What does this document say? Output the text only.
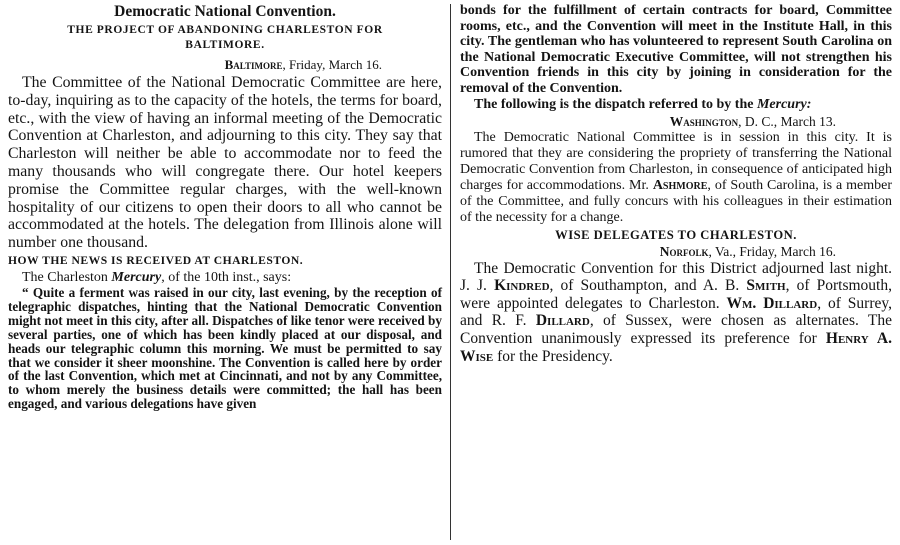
Democratic National Convention.
THE PROJECT OF ABANDONING CHARLESTON FOR
BALTIMORE.
Baltimore, Friday, March 16.

The Committee of the National Democratic Committee are here, to-day, inquiring as to the capacity of the hotels, the terms for board, etc., with the view of having an informal meeting of the Democratic Convention at Charleston, and adjourning to this city. They say that Charleston will neither be able to accommodate nor to feed the many thousands who will congregate there. Our hotel keepers promise the Committee regular charges, with the well-known hospitality of our citizens to open their doors to all who cannot be accommodated at the hotels. The delegation from Illinois alone will number one thousand.

HOW THE NEWS IS RECEIVED AT CHARLESTON.

The Charleston Mercury, of the 10th inst., says:

“ Quite a ferment was raised in our city, last evening, by the reception of telegraphic dispatches, hinting that the National Democratic Convention might not meet in this city, after all. Dispatches of like tenor were received by several parties, one of which has been kindly placed at our disposal, and heads our telegraphic column this morning. We must be permitted to say that we consider it sheer moonshine. The Convention is called here by order of the last Convention, which met at Cincinnati, and not by any Committee, to whom merely the business details were committed; the hall has been engaged, and various delegations have given

bonds for the fulfillment of certain contracts for board, Committee rooms, etc., and the Convention will meet in the Institute Hall, in this city. The gentleman who has volunteered to represent South Carolina on the National Democratic Executive Committee, will not strengthen his Convention friends in this city by joining in consideration for the removal of the Convention.

The following is the dispatch referred to by the Mercury:

Washington, D. C., March 13.

The Democratic National Committee is in session in this city. It is rumored that they are considering the propriety of transferring the National Democratic Convention from Charleston, in consequence of anticipated high charges for accommodations. Mr. Ashmore, of South Carolina, is a member of the Committee, and fully concurs with his colleagues in their estimation of the necessity for a change.

WISE DELEGATES TO CHARLESTON.
Norfolk, Va., Friday, March 16.

The Democratic Convention for this District adjourned last night. J. J. Kindred, of Southampton, and A. B. Smith, of Portsmouth, were appointed delegates to Charleston. Wm. Dillard, of Surrey, and R. F. Dillard, of Sussex, were chosen as alternates. The Convention unanimously expressed its preference for Henry A. Wise for the Presidency.
